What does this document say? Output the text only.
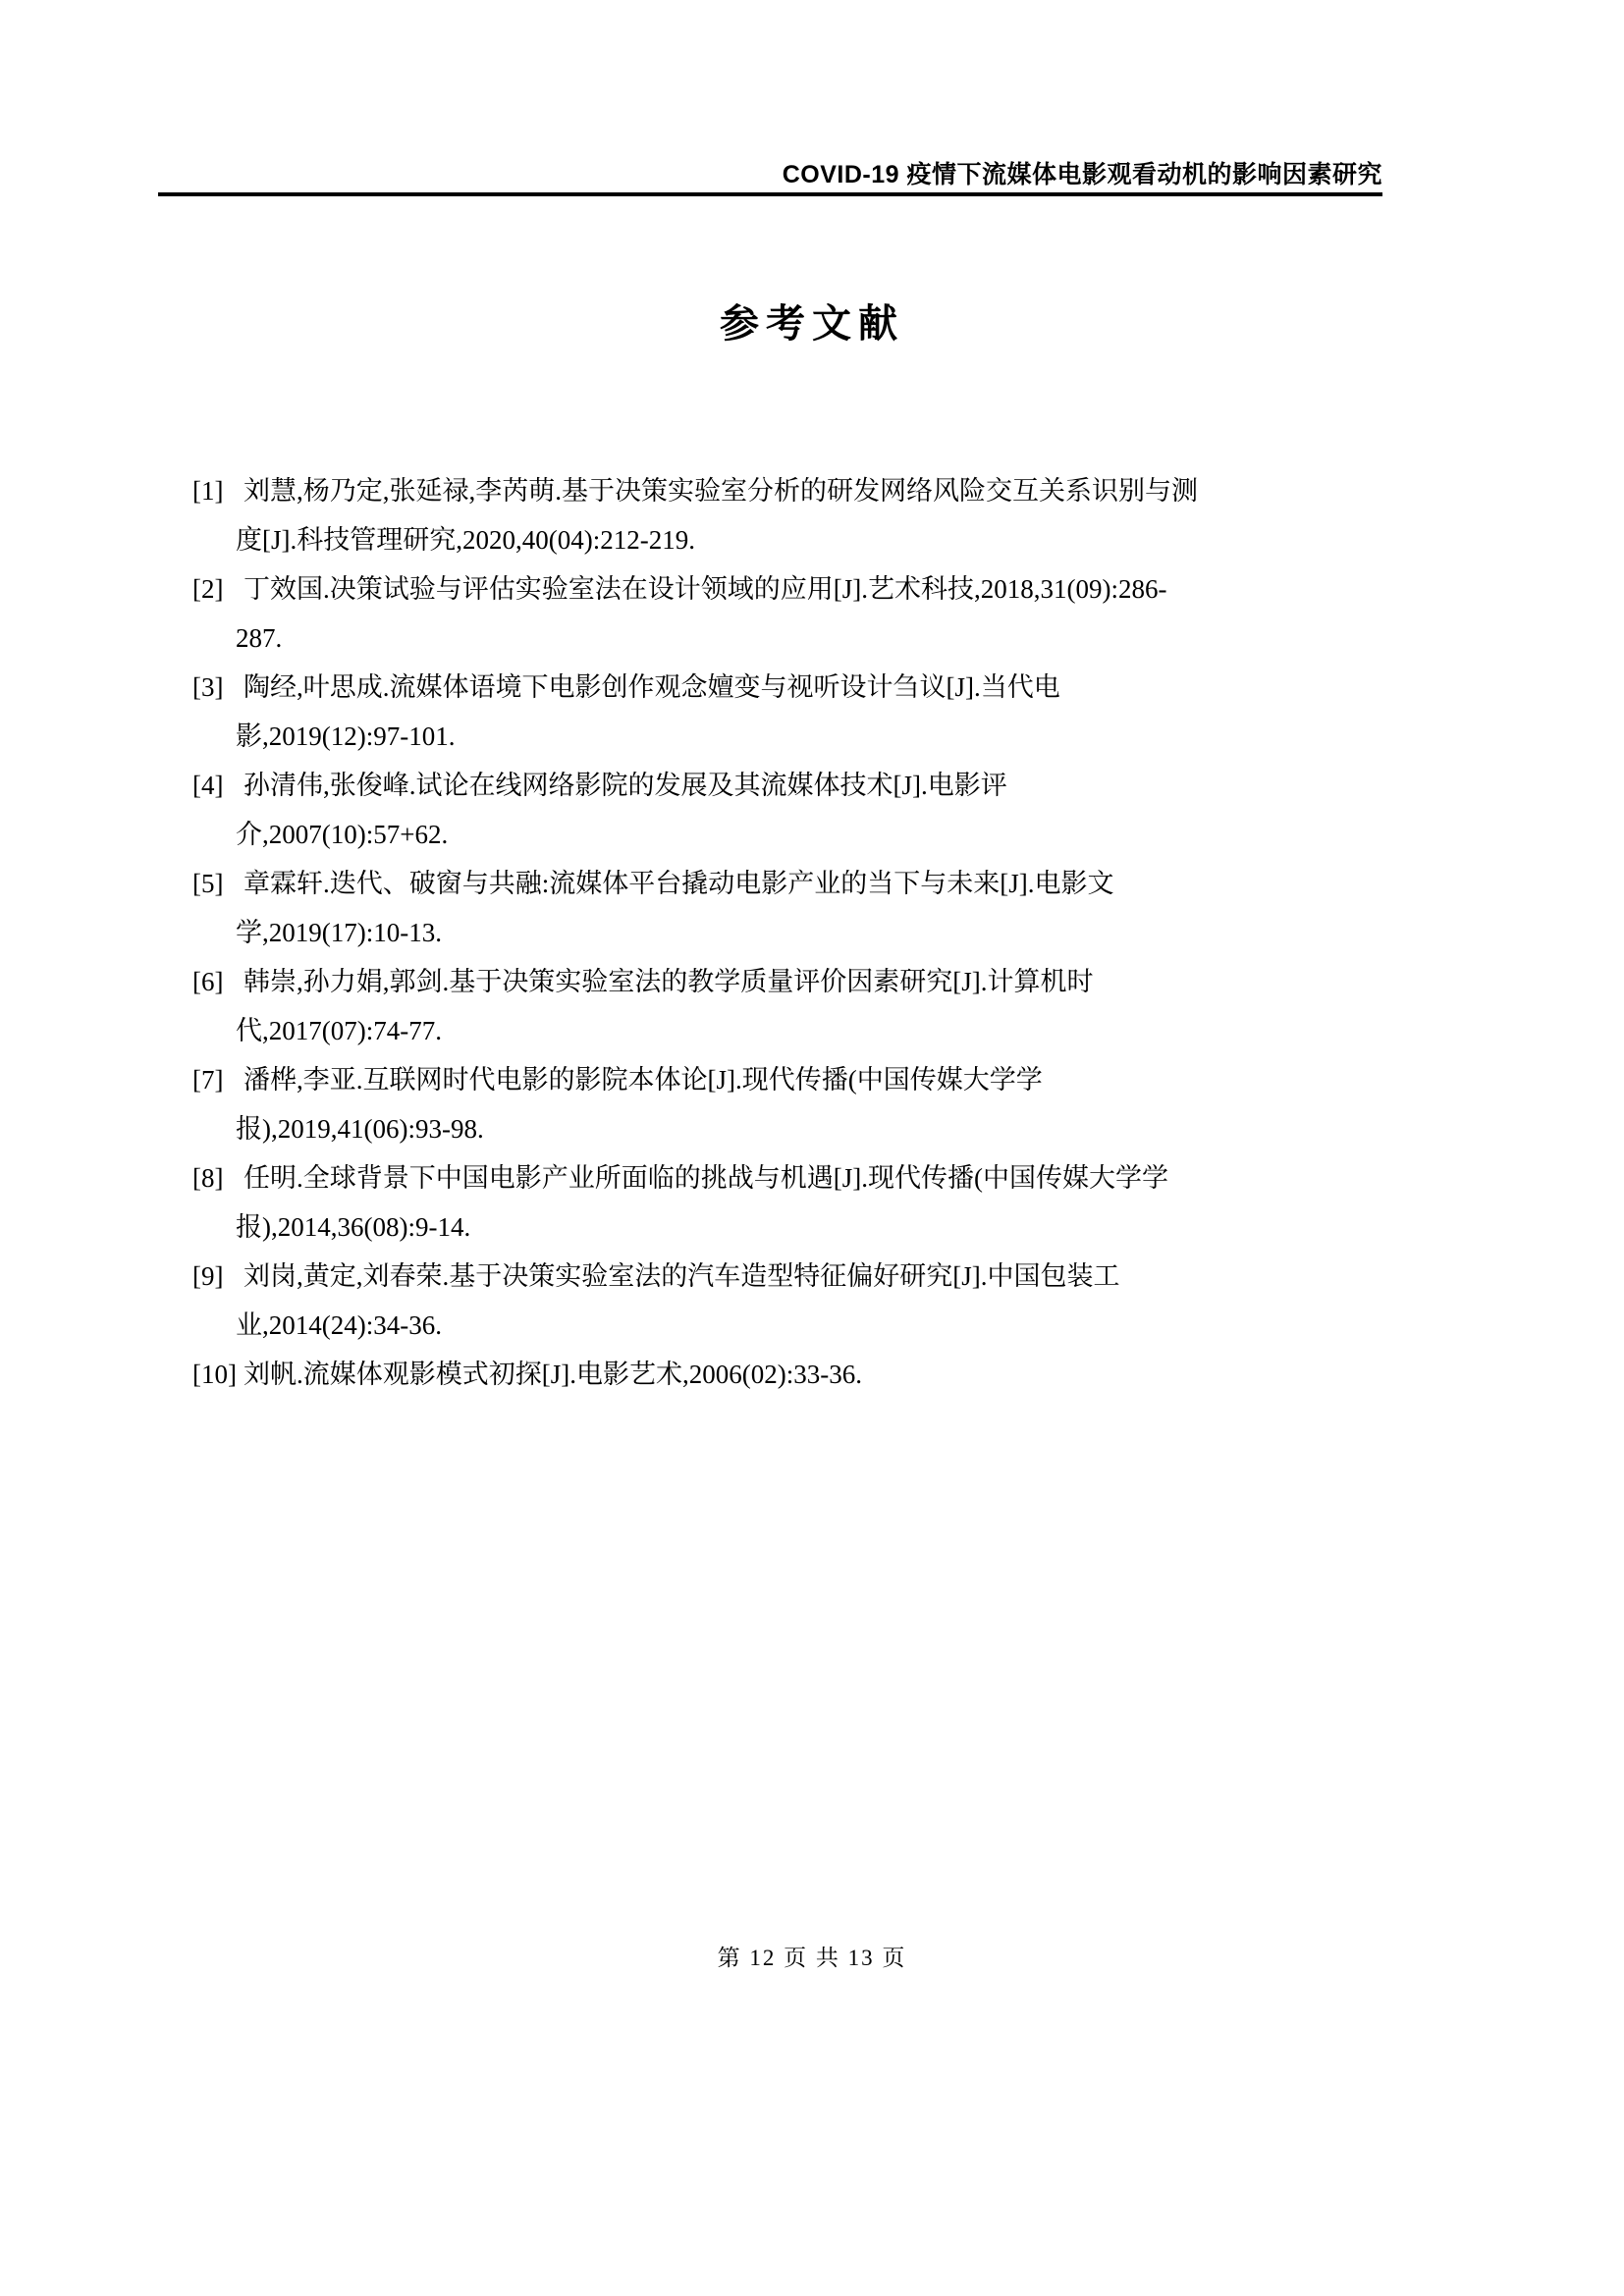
COVID-19 疫情下流媒体电影观看动机的影响因素研究
参考文献
[1] 刘慧,杨乃定,张延禄,李芮萌.基于决策实验室分析的研发网络风险交互关系识别与测
度[J].科技管理研究,2020,40(04):212-219.
[2] 丁效国.决策试验与评估实验室法在设计领域的应用[J].艺术科技,2018,31(09):286-
287.
[3] 陶经,叶思成.流媒体语境下电影创作观念嬗变与视听设计刍议[J].当代电
影,2019(12):97-101.
[4] 孙清伟,张俊峰.试论在线网络影院的发展及其流媒体技术[J].电影评
介,2007(10):57+62.
[5] 章霖轩.迭代、破窗与共融:流媒体平台撬动电影产业的当下与未来[J].电影文
学,2019(17):10-13.
[6] 韩崇,孙力娟,郭剑.基于决策实验室法的教学质量评价因素研究[J].计算机时
代,2017(07):74-77.
[7] 潘桦,李亚.互联网时代电影的影院本体论[J].现代传播(中国传媒大学学
报),2019,41(06):93-98.
[8] 任明.全球背景下中国电影产业所面临的挑战与机遇[J].现代传播(中国传媒大学学
报),2014,36(08):9-14.
[9] 刘岗,黄定,刘春荣.基于决策实验室法的汽车造型特征偏好研究[J].中国包装工
业,2014(24):34-36.
[10] 刘帆.流媒体观影模式初探[J].电影艺术,2006(02):33-36.
第 12 页 共 13 页
